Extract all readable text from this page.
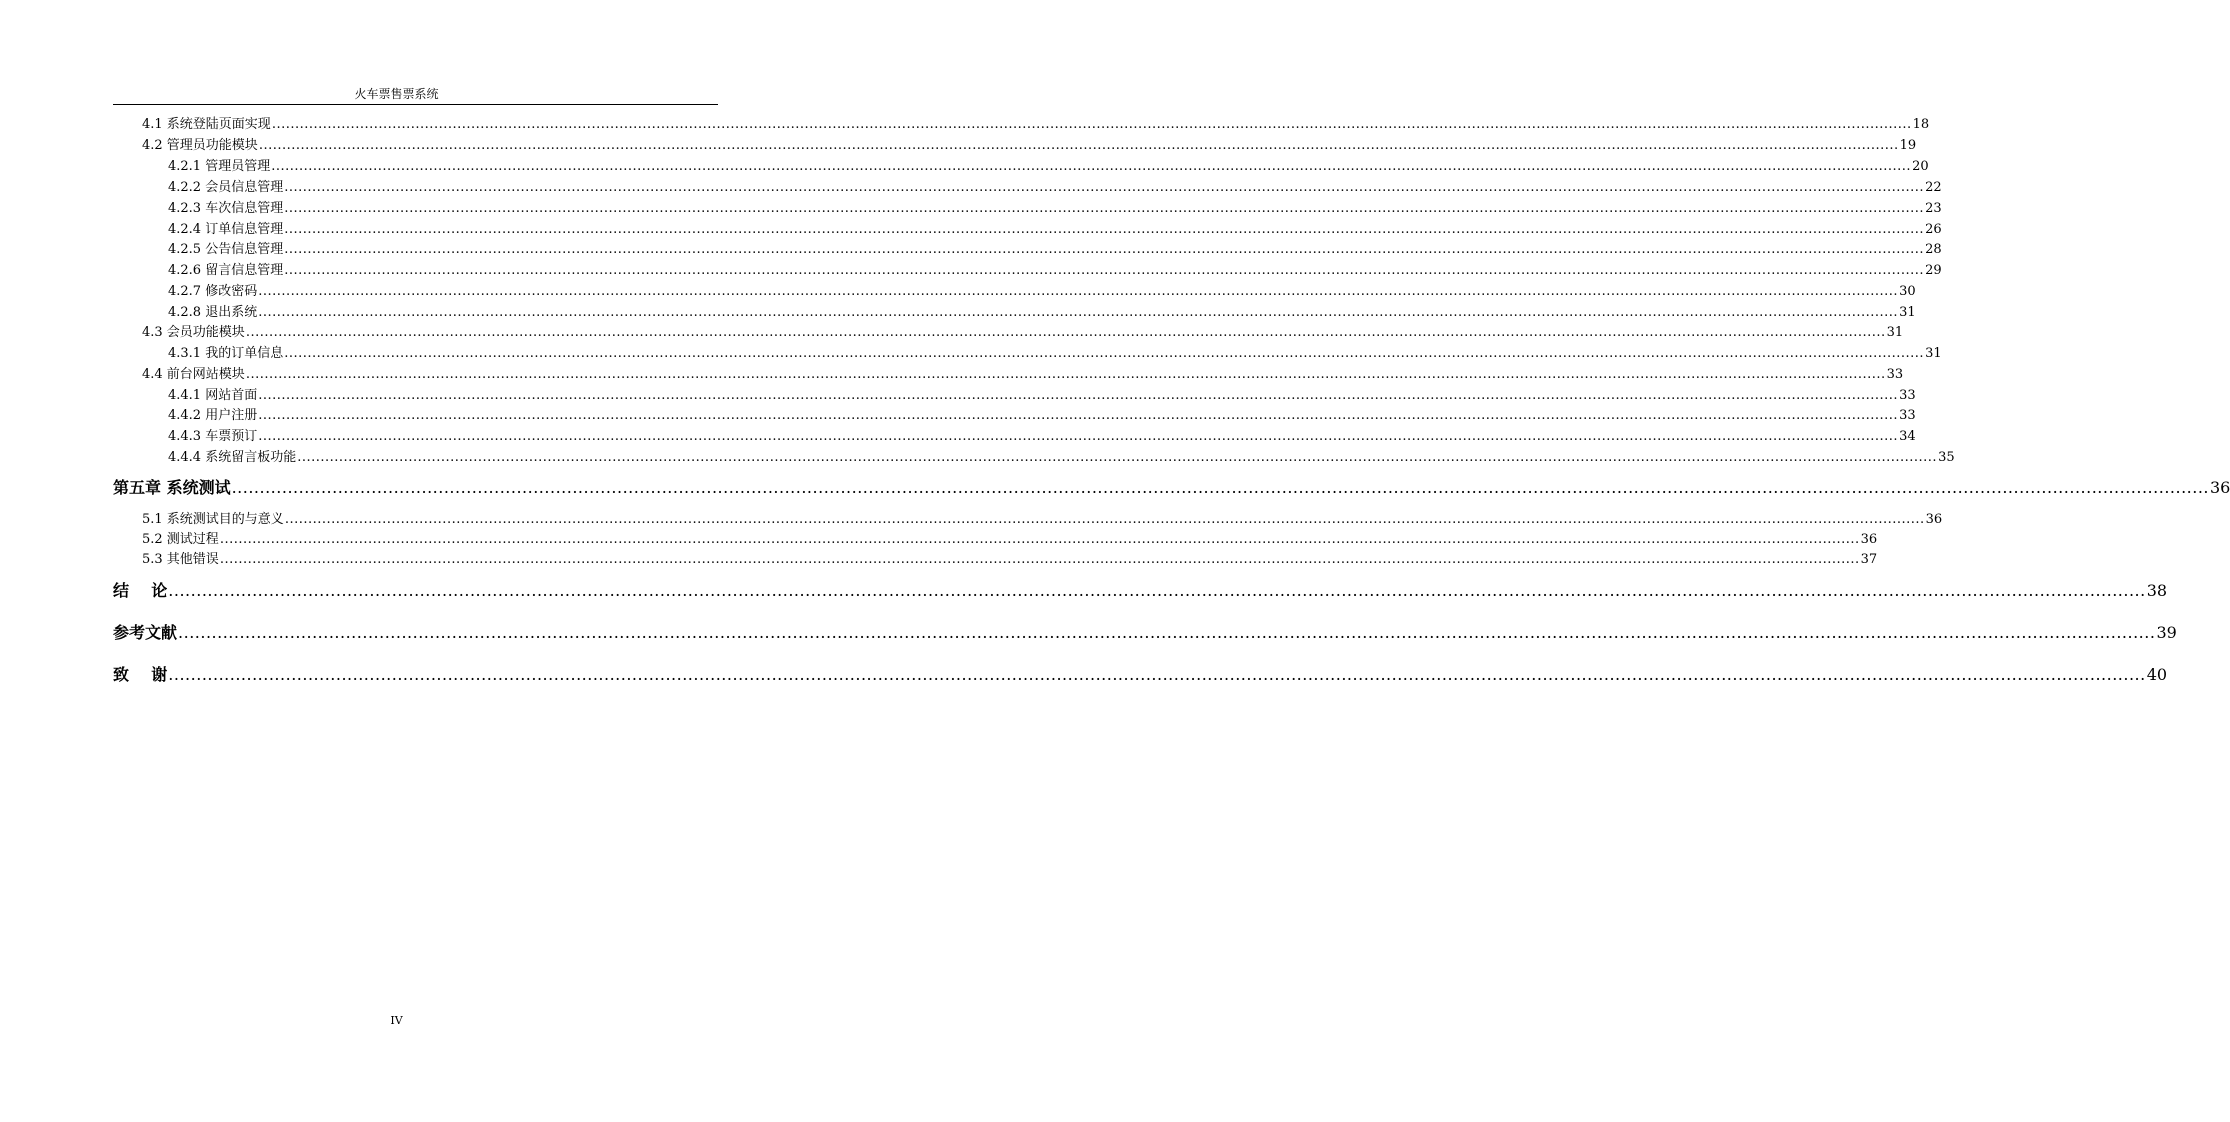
火车票售票系统
4.1 系统登陆页面实现 .................................................................................................................................................................................................................................................................................................................................................................. 18
4.2 管理员功能模块 .................................................................................................................................................................................................................................................................................................................................................................. 19
4.2.1 管理员管理 .................................................................................................................................................................................................................................................................................................................................................................. 20
4.2.2 会员信息管理 .................................................................................................................................................................................................................................................................................................................................................................. 22
4.2.3 车次信息管理 .................................................................................................................................................................................................................................................................................................................................................................. 23
4.2.4 订单信息管理 .................................................................................................................................................................................................................................................................................................................................................................. 26
4.2.5 公告信息管理 .................................................................................................................................................................................................................................................................................................................................................................. 28
4.2.6 留言信息管理 .................................................................................................................................................................................................................................................................................................................................................................. 29
4.2.7 修改密码 .................................................................................................................................................................................................................................................................................................................................................................. 30
4.2.8 退出系统 .................................................................................................................................................................................................................................................................................................................................................................. 31
4.3 会员功能模块 .................................................................................................................................................................................................................................................................................................................................................................. 31
4.3.1 我的订单信息 .................................................................................................................................................................................................................................................................................................................................................................. 31
4.4 前台网站模块 .................................................................................................................................................................................................................................................................................................................................................................. 33
4.4.1 网站首面 .................................................................................................................................................................................................................................................................................................................................................................. 33
4.4.2 用户注册 .................................................................................................................................................................................................................................................................................................................................................................. 33
4.4.3 车票预订 .................................................................................................................................................................................................................................................................................................................................................................. 34
4.4.4 系统留言板功能 .................................................................................................................................................................................................................................................................................................................................................................. 35
第五章 系统测试 .................................................................................................................................................................................................................................................................................................................................................................. 36
5.1 系统测试目的与意义 .................................................................................................................................................................................................................................................................................................................................................................. 36
5.2 测试过程 .................................................................................................................................................................................................................................................................................................................................................................. 36
5.3 其他错误 .................................................................................................................................................................................................................................................................................................................................................................. 37
结    论 .................................................................................................................................................................................................................................................................................................................................................................. 38
参考文献 .................................................................................................................................................................................................................................................................................................................................................................. 39
致    谢 .................................................................................................................................................................................................................................................................................................................................................................. 40
IV
